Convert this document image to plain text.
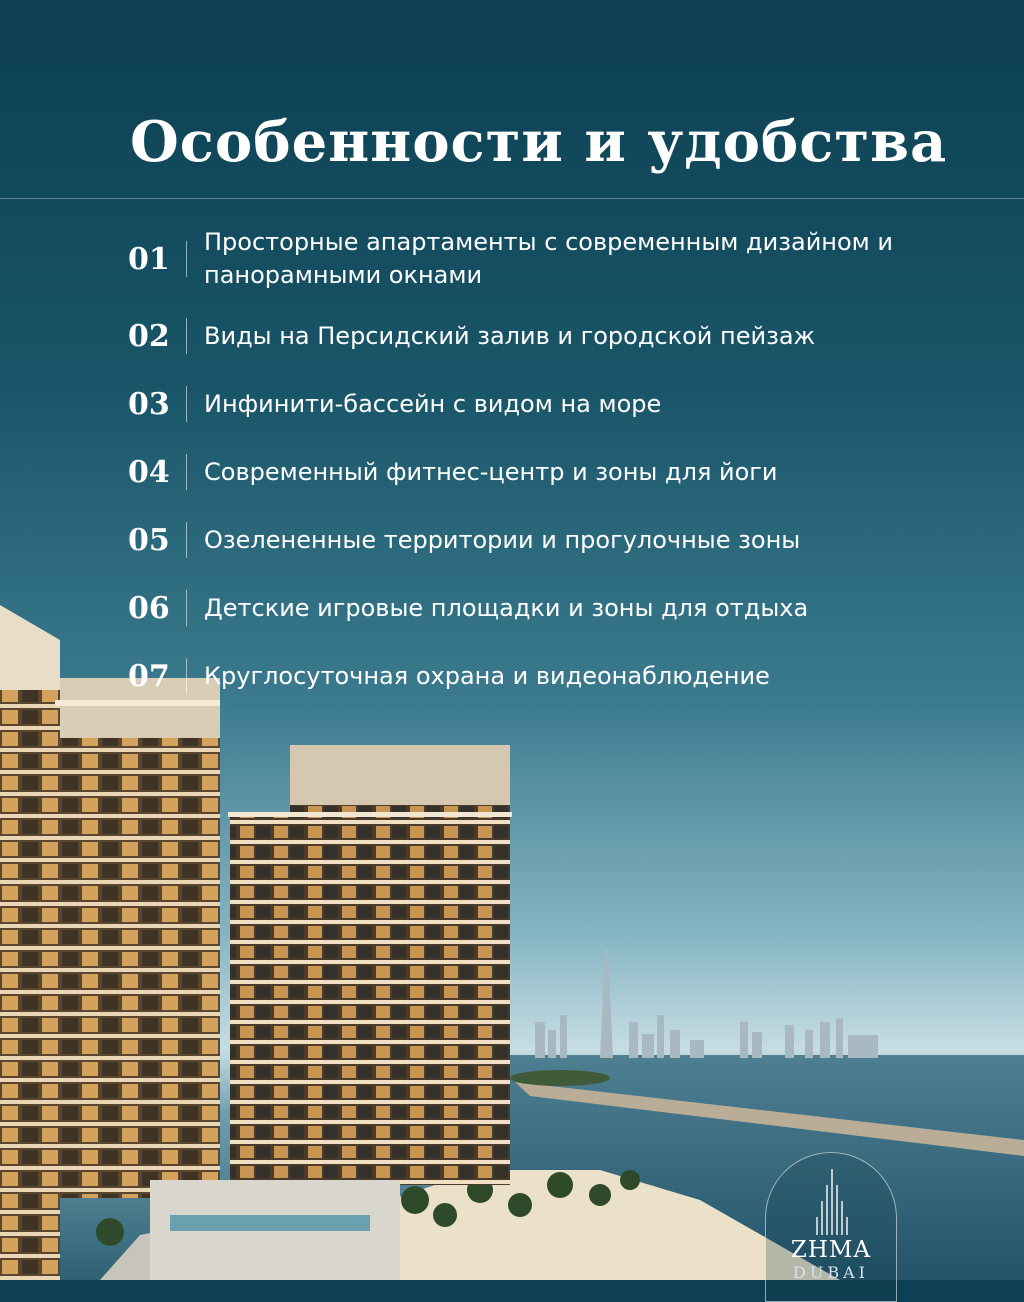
Особенности и удобства
01	Просторные апартаменты с современным дизайном и панорамными окнами
02	Виды на Персидский залив и городской пейзаж
03	Инфинити-бассейн с видом на море
04	Современный фитнес-центр и зоны для йоги
05	Озелененные территории и прогулочные зоны
06	Детские игровые площадки и зоны для отдыха
07	Круглосуточная охрана и видеонаблюдение
ZHMA
DUBAI
